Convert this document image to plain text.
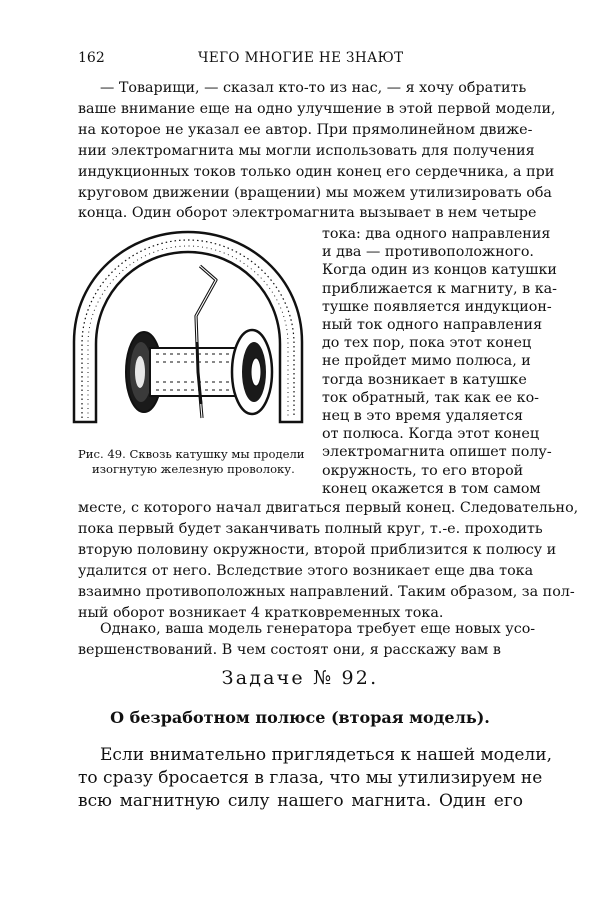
162	ЧЕГО МНОГИЕ НЕ ЗНАЮТ
— Товарищи, — сказал кто-то из нас, — я хочу обратить
ваше внимание еще на одно улучшение в этой первой модели,
на которое не указал ее автор. При прямолинейном движе-
нии электромагнита мы могли использовать для получения
индукционных токов только один конец его сердечника, а при
круговом движении (вращении) мы можем утилизировать оба
конца. Один оборот электромагнита вызывает в нем четыре
тока: два одного направления
и два — противоположного.
Когда один из концов катушки
приближается к магниту, в ка-
тушке появляется индукцион-
ный ток одного направления
до тех пор, пока этот конец
не пройдет мимо полюса, и
тогда возникает в катушке
ток обратный, так как ее ко-
нец в это время удаляется
от полюса. Когда этот конец
электромагнита опишет полу-
окружность, то его второй
конец окажется в том самом
Рис. 49. Сквозь катушку мы продели
изогнутую железную проволоку.
месте, с которого начал двигаться первый конец. Следовательно,
пока первый будет заканчивать полный круг, т.-е. проходить
вторую половину окружности, второй приблизится к полюсу и
удалится от него. Вследствие этого возникает еще два тока
взаимно противоположных направлений. Таким образом, за пол-
ный оборот возникает 4 кратковременных тока.
Однако, ваша модель генератора требует еще новых усо-
вершенствований. В чем состоят они, я расскажу вам в
Задаче № 92.
О безработном полюсе (вторая модель).
Если внимательно приглядеться к нашей модели,
то сразу бросается в глаза, что мы утилизируем не
всю магнитную силу нашего магнита. Один его
